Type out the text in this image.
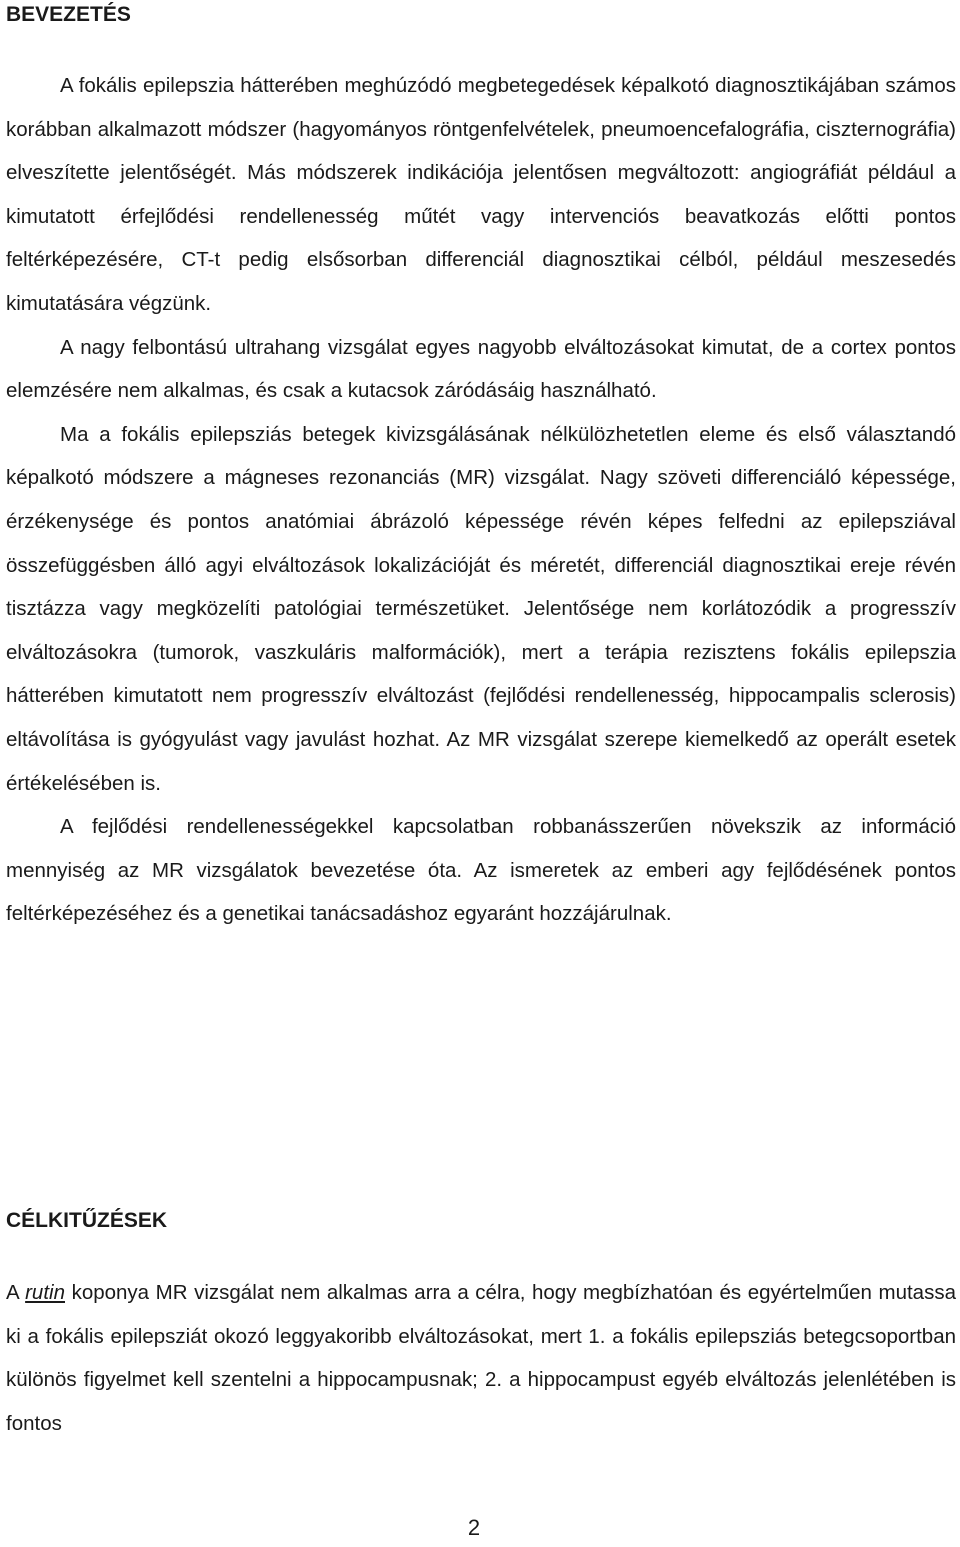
BEVEZETÉS

A fokális epilepszia hátterében meghúzódó megbetegedések képalkotó diagnosztikájában számos korábban alkalmazott módszer (hagyományos röntgenfelvételek, pneumoencefalográfia, ciszternográfia) elveszítette jelentőségét. Más módszerek indikációja jelentősen megváltozott: angiográfiát például a kimutatott érfejlődési rendellenesség műtét vagy intervenciós beavatkozás előtti pontos feltérképezésére, CT-t pedig elsősorban differenciál diagnosztikai célból, például meszesedés kimutatására végzünk.

A nagy felbontású ultrahang vizsgálat egyes nagyobb elváltozásokat kimutat, de a cortex pontos elemzésére nem alkalmas, és csak a kutacsok záródásáig használható.

Ma a fokális epilepsziás betegek kivizsgálásának nélkülözhetetlen eleme és első választandó képalkotó módszere a mágneses rezonanciás (MR) vizsgálat. Nagy szöveti differenciáló képessége, érzékenysége és pontos anatómiai ábrázoló képessége révén képes felfedni az epilepsziával összefüggésben álló agyi elváltozások lokalizációját és méretét, differenciál diagnosztikai ereje révén tisztázza vagy megközelíti patológiai természetüket. Jelentősége nem korlátozódik a progresszív elváltozásokra (tumorok, vaszkuláris malformációk), mert a terápia rezisztens fokális epilepszia hátterében kimutatott nem progresszív elváltozást (fejlődési rendellenesség, hippocampalis sclerosis) eltávolítása is gyógyulást vagy javulást hozhat. Az MR vizsgálat szerepe kiemelkedő az operált esetek értékelésében is.

A fejlődési rendellenességekkel kapcsolatban robbanásszerűen növekszik az információ mennyiség az MR vizsgálatok bevezetése óta. Az ismeretek az emberi agy fejlődésének pontos feltérképezéséhez és a genetikai tanácsadáshoz egyaránt hozzájárulnak.

CÉLKITŰZÉSEK

A rutin koponya MR vizsgálat nem alkalmas arra a célra, hogy megbízhatóan és egyértelműen mutassa ki a fokális epilepsziát okozó leggyakoribb elváltozásokat, mert 1. a fokális epilepsziás betegcsoportban különös figyelmet kell szentelni a hippocampusnak; 2. a hippocampust egyéb elváltozás jelenlétében is fontos

2
